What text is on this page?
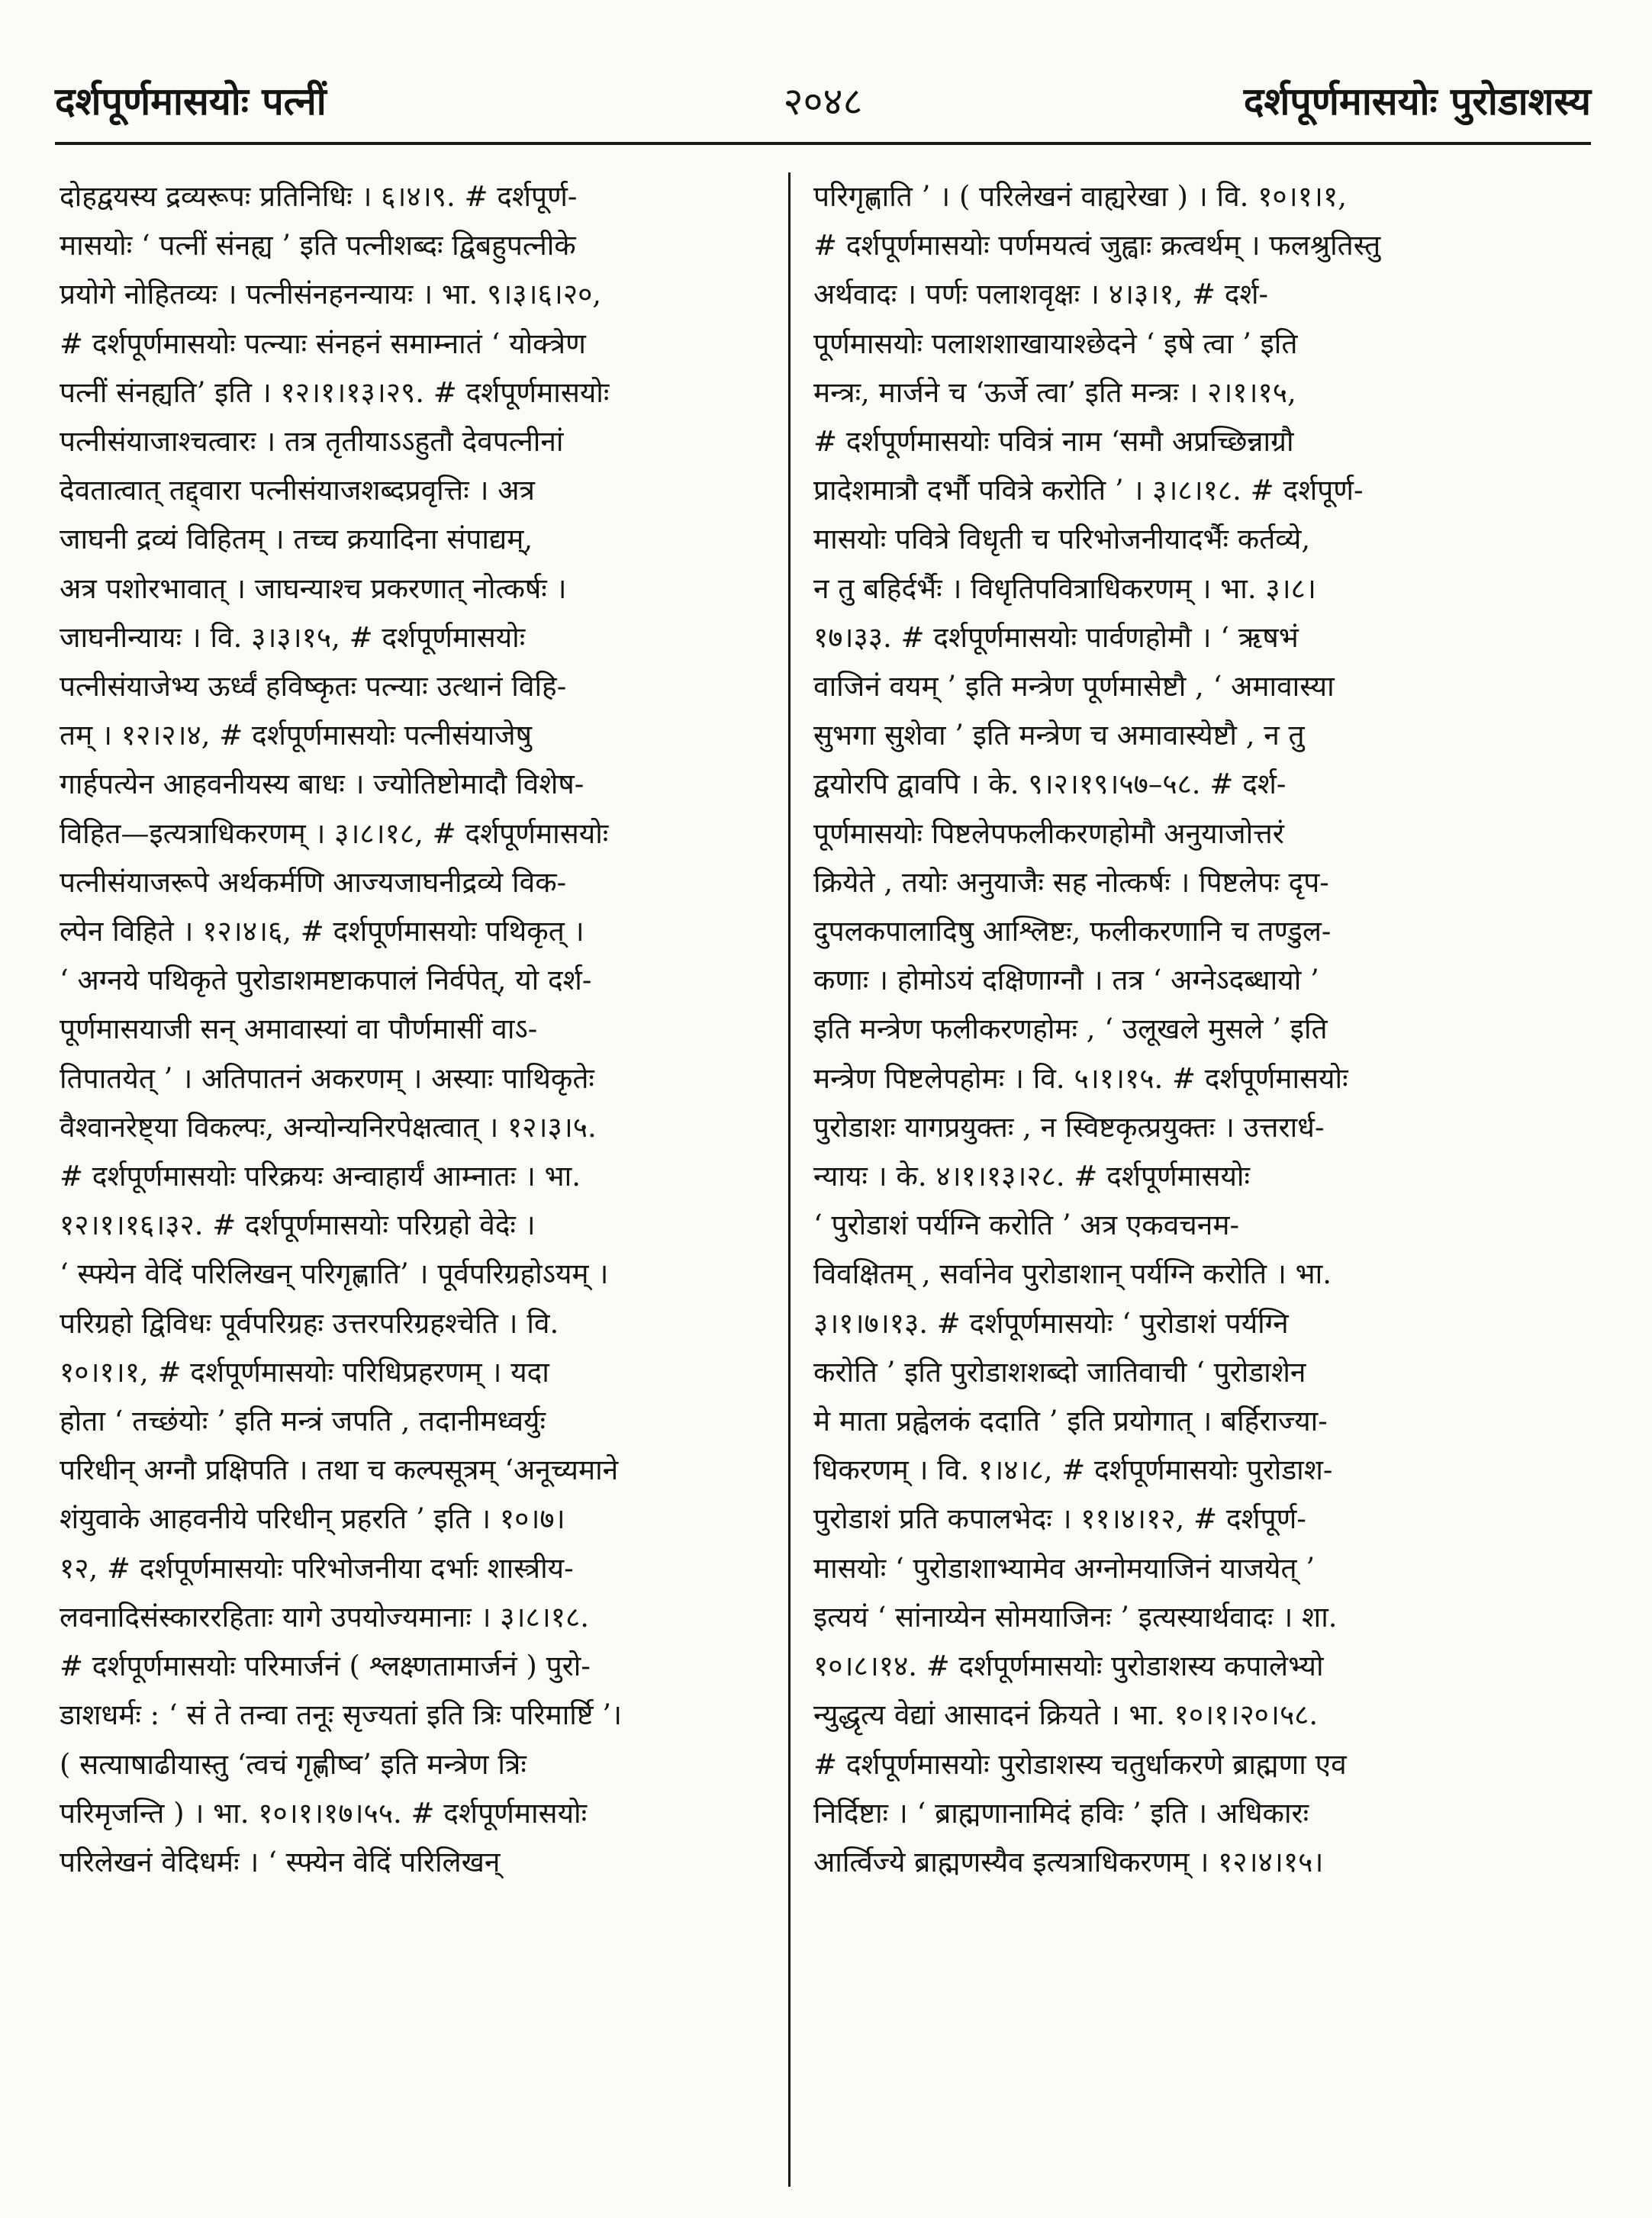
दर्शपूर्णमासयोः पत्नीं	२०४८	दर्शपूर्णमासयोः पुरोडाशस्य

दोहद्वयस्य द्रव्यरूपः प्रतिनिधिः । ६।४।९. # दर्शपूर्ण-

मासयोः ‘ पत्नीं संनह्य ’ इति पत्नीशब्दः द्विबहुपत्नीके

प्रयोगे नोहितव्यः । पत्नीसंनहनन्यायः । भा. ९।३।६।२०,

# दर्शपूर्णमासयोः पत्न्याः संनहनं समाम्नातं ‘ योक्त्रेण

पत्नीं संनह्यति’ इति । १२।१।१३।२९. # दर्शपूर्णमासयोः

पत्नीसंयाजाश्चत्वारः । तत्र तृतीयाऽऽहुतौ देवपत्नीनां

देवतात्वात् तद्द्वारा पत्नीसंयाजशब्दप्रवृत्तिः । अत्र

जाघनी द्रव्यं विहितम् । तच्च क्रयादिना संपाद्यम्,

अत्र पशोरभावात् । जाघन्याश्च प्रकरणात् नोत्कर्षः ।

जाघनीन्यायः । वि. ३।३।१५, # दर्शपूर्णमासयोः

पत्नीसंयाजेभ्य ऊर्ध्वं हविष्कृतः पत्न्याः उत्थानं विहि-

तम् । १२।२।४, # दर्शपूर्णमासयोः पत्नीसंयाजेषु

गार्हपत्येन आहवनीयस्य बाधः । ज्योतिष्टोमादौ विशेष-

विहित—इत्यत्राधिकरणम् । ३।८।१८, # दर्शपूर्णमासयोः

पत्नीसंयाजरूपे अर्थकर्मणि आज्यजाघनीद्रव्ये विक-

ल्पेन विहिते । १२।४।६, # दर्शपूर्णमासयोः पथिकृत् ।

‘ अग्नये पथिकृते पुरोडाशमष्टाकपालं निर्वपेत्, यो दर्श-

पूर्णमासयाजी सन् अमावास्यां वा पौर्णमासीं वाऽ-

तिपातयेत् ’ । अतिपातनं अकरणम् । अस्याः पाथिकृतेः

वैश्वानरेष्ट्या विकल्पः, अन्योन्यनिरपेक्षत्वात् । १२।३।५.

# दर्शपूर्णमासयोः परिक्रयः अन्वाहार्यं आम्नातः । भा.

१२।१।१६।३२. # दर्शपूर्णमासयोः परिग्रहो वेदेः ।

‘ स्फ्येन वेदिं परिलिखन् परिगृह्णाति’ । पूर्वपरिग्रहोऽयम् ।

परिग्रहो द्विविधः पूर्वपरिग्रहः उत्तरपरिग्रहश्चेति । वि.

१०।१।१, # दर्शपूर्णमासयोः परिधिप्रहरणम् । यदा

होता ‘ तच्छंयोः ’ इति मन्त्रं जपति , तदानीमध्वर्युः

परिधीन् अग्नौ प्रक्षिपति । तथा च कल्पसूत्रम् ‘अनूच्यमाने

शंयुवाके आहवनीये परिधीन् प्रहरति ’ इति । १०।७।

१२, # दर्शपूर्णमासयोः परिभोजनीया दर्भाः शास्त्रीय-

लवनादिसंस्काररहिताः यागे उपयोज्यमानाः । ३।८।१८.

# दर्शपूर्णमासयोः परिमार्जनं ( श्लक्ष्णतामार्जनं ) पुरो-

डाशधर्मः : ‘ सं ते तन्वा तनूः सृज्यतां इति त्रिः परिमार्ष्टि ’।

( सत्याषाढीयास्तु ‘त्वचं गृह्णीष्व’ इति मन्त्रेण त्रिः

परिमृजन्ति ) । भा. १०।१।१७।५५. # दर्शपूर्णमासयोः

परिलेखनं वेदिधर्मः । ‘ स्फ्येन वेदिं परिलिखन्

परिगृह्णाति ’ । ( परिलेखनं वाह्यरेखा ) । वि. १०।१।१,

# दर्शपूर्णमासयोः पर्णमयत्वं जुह्वाः क्रत्वर्थम् । फलश्रुतिस्तु

अर्थवादः । पर्णः पलाशवृक्षः । ४।३।१, # दर्श-

पूर्णमासयोः पलाशशाखायाश्छेदने ‘ इषे त्वा ’ इति

मन्त्रः, मार्जने च ‘ऊर्जे त्वा’ इति मन्त्रः । २।१।१५,

# दर्शपूर्णमासयोः पवित्रं नाम ‘समौ अप्रच्छिन्नाग्रौ

प्रादेशमात्रौ दर्भौ पवित्रे करोति ’ । ३।८।१८. # दर्शपूर्ण-

मासयोः पवित्रे विधृती च परिभोजनीयादर्भैः कर्तव्ये,

न तु बहिर्दर्भैः । विधृतिपवित्राधिकरणम् । भा. ३।८।

१७।३३. # दर्शपूर्णमासयोः पार्वणहोमौ । ‘ ऋषभं

वाजिनं वयम् ’ इति मन्त्रेण पूर्णमासेष्टौ , ‘ अमावास्या

सुभगा सुशेवा ’ इति मन्त्रेण च अमावास्येष्टौ , न तु

द्वयोरपि द्वावपि । के. ९।२।१९।५७–५८. # दर्श-

पूर्णमासयोः पिष्टलेपफलीकरणहोमौ अनुयाजोत्तरं

क्रियेते , तयोः अनुयाजैः सह नोत्कर्षः । पिष्टलेपः दृप-

दुपलकपालादिषु आश्लिष्टः, फलीकरणानि च तण्डुल-

कणाः । होमोऽयं दक्षिणाग्नौ । तत्र ‘ अग्नेऽदब्धायो ’

इति मन्त्रेण फलीकरणहोमः , ‘ उलूखले मुसले ’ इति

मन्त्रेण पिष्टलेपहोमः । वि. ५।१।१५. # दर्शपूर्णमासयोः

पुरोडाशः यागप्रयुक्तः , न स्विष्टकृत्प्रयुक्तः । उत्तरार्ध-

न्यायः । के. ४।१।१३।२८. # दर्शपूर्णमासयोः

‘ पुरोडाशं पर्यग्नि करोति ’ अत्र एकवचनम-

विवक्षितम् , सर्वानेव पुरोडाशान् पर्यग्नि करोति । भा.

३।१।७।१३. # दर्शपूर्णमासयोः ‘ पुरोडाशं पर्यग्नि

करोति ’ इति पुरोडाशशब्दो जातिवाची ‘ पुरोडाशेन

मे माता प्रह्वेलकं ददाति ’ इति प्रयोगात् । बर्हिराज्या-

धिकरणम् । वि. १।४।८, # दर्शपूर्णमासयोः पुरोडाश-

पुरोडाशं प्रति कपालभेदः । ११।४।१२, # दर्शपूर्ण-

मासयोः ‘ पुरोडाशाभ्यामेव अग्नोमयाजिनं याजयेत् ’

इत्ययं ‘ सांनाय्येन सोमयाजिनः ’ इत्यस्यार्थवादः । शा.

१०।८।१४. # दर्शपूर्णमासयोः पुरोडाशस्य कपालेभ्यो

न्युद्धृत्य वेद्यां आसादनं क्रियते । भा. १०।१।२०।५८.

# दर्शपूर्णमासयोः पुरोडाशस्य चतुर्धाकरणे ब्राह्मणा एव

निर्दिष्टाः । ‘ ब्राह्मणानामिदं हविः ’ इति । अधिकारः

आर्त्विज्ये ब्राह्मणस्यैव इत्यत्राधिकरणम् । १२।४।१५।
